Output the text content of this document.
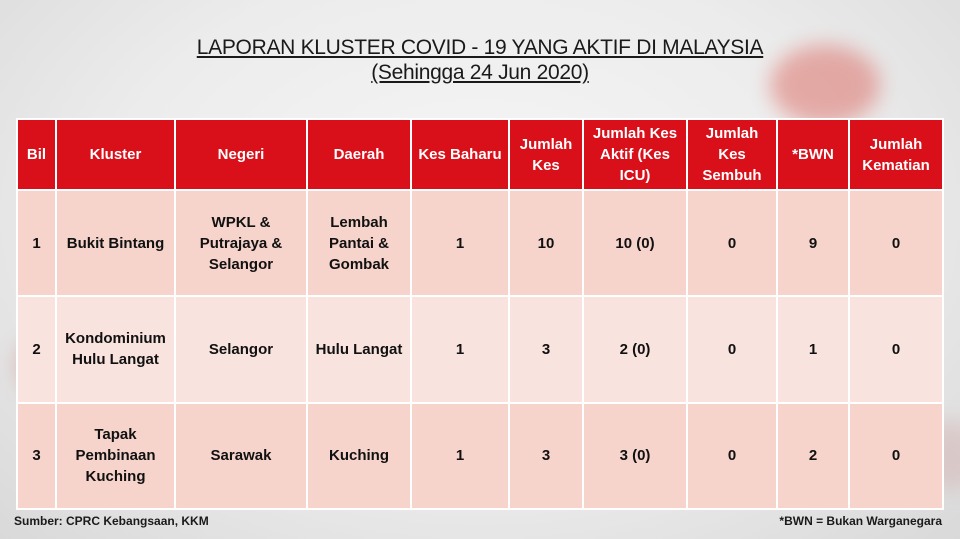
LAPORAN KLUSTER COVID - 19 YANG AKTIF DI MALAYSIA
(Sehingga 24 Jun 2020)
Bil	Kluster	Negeri	Daerah	Kes Baharu	Jumlah Kes	Jumlah Kes Aktif (Kes ICU)	Jumlah Kes Sembuh	*BWN	Jumlah Kematian
1	Bukit Bintang	WPKL & Putrajaya & Selangor	Lembah Pantai & Gombak	1	10	10 (0)	0	9	0
2	Kondominium Hulu Langat	Selangor	Hulu Langat	1	3	2 (0)	0	1	0
3	Tapak Pembinaan Kuching	Sarawak	Kuching	1	3	3 (0)	0	2	0
Sumber: CPRC Kebangsaan, KKM	*BWN = Bukan Warganegara
